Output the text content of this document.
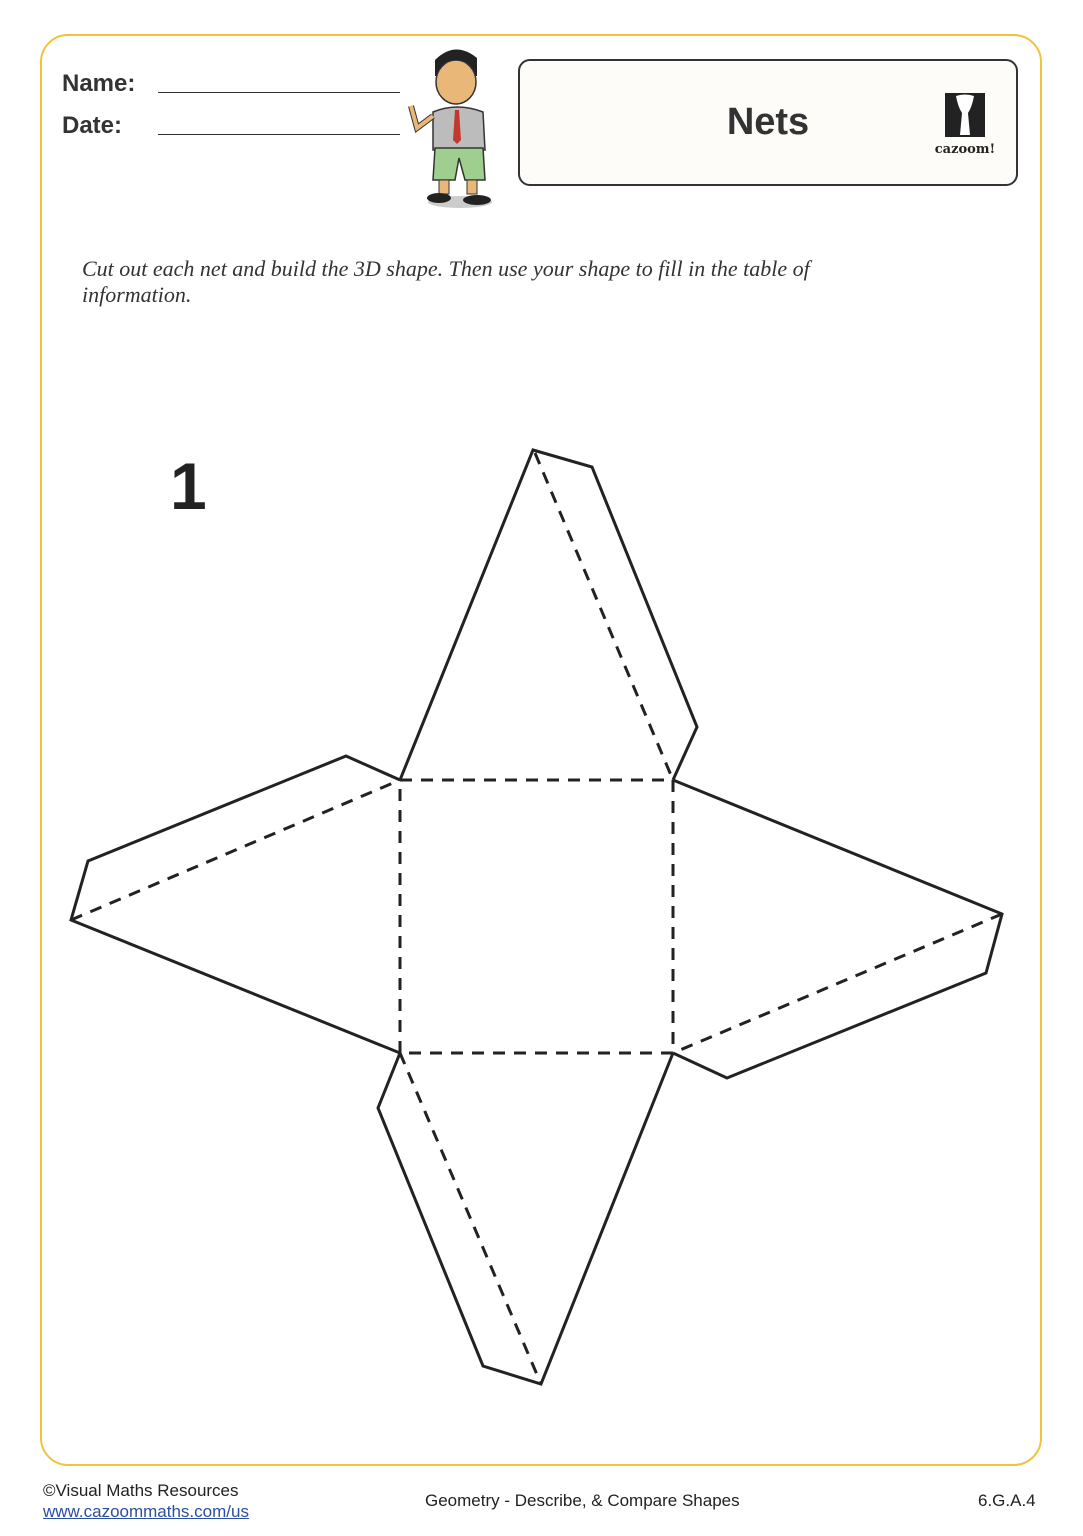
Name:
Date:	Nets
cazoom!
Cut out each net and build the 3D shape. Then use your shape to fill in the table of information.
1
©Visual Maths Resources
www.cazoommaths.com/us
Geometry - Describe, & Compare Shapes	6.G.A.4
